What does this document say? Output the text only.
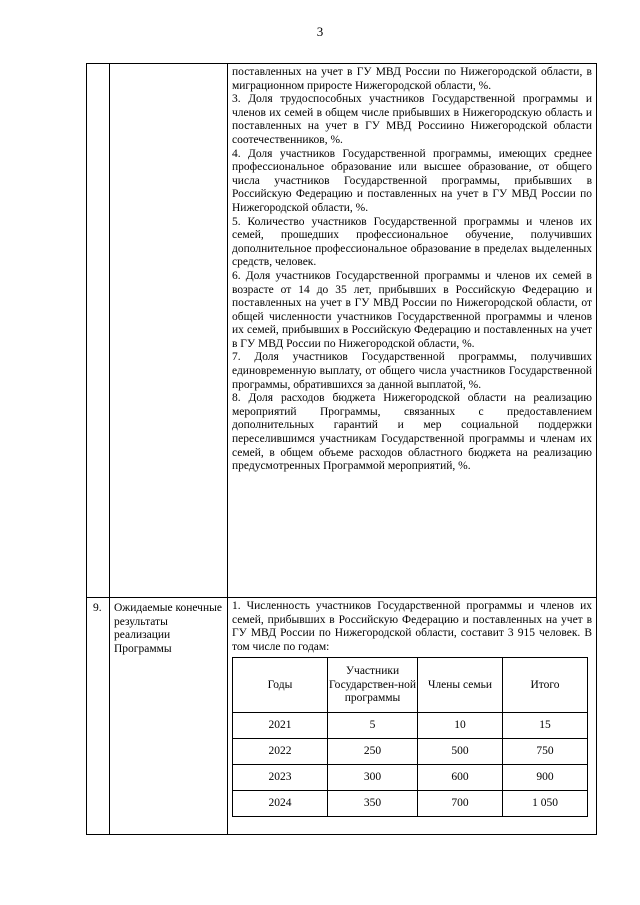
3

поставленных на учет в ГУ МВД России по Нижегородской области, в миграционном приросте Нижегородской области, %.

3. Доля трудоспособных участников Государственной программы и членов их семей в общем числе прибывших в Нижегородскую область и поставленных на учет в ГУ МВД Россиино Нижегородской области соотечественников, %.

4. Доля участников Государственной программы, имеющих среднее профессиональное образование или высшее образование, от общего числа участников Государственной программы, прибывших в Российскую Федерацию и поставленных на учет в ГУ МВД России по Нижегородской области, %.

5. Количество участников Государственной программы и членов их семей, прошедших профессиональное обучение, получивших дополнительное профессиональное образование в пределах выделенных средств, человек.

6. Доля участников Государственной программы и членов их семей в возрасте от 14 до 35 лет, прибывших в Российскую Федерацию и поставленных на учет в ГУ МВД России по Нижегородской области, от общей численности участников Государственной программы и членов их семей, прибывших в Российскую Федерацию и поставленных на учет в ГУ МВД России по Нижегородской области, %.

7. Доля участников Государственной программы, получивших единовременную выплату, от общего числа участников Государственной программы, обратившихся за данной выплатой, %.

8. Доля расходов бюджета Нижегородской области на реализацию мероприятий Программы, связанных с предоставлением дополнительных гарантий и мер социальной поддержки переселившимся участникам Государственной программы и членам их семей, в общем объеме расходов областного бюджета на реализацию предусмотренных Программой мероприятий, %.

9.	Ожидаемые конечные результаты реализации Программы

1. Численность участников Государственной программы и членов их семей, прибывших в Российскую Федерацию и поставленных на учет в ГУ МВД России по Нижегородской области, составит 3 915 человек. В том числе по годам:

Годы	Участники Государствен-ной программы	Члены семьи	Итого
2021	5	10	15
2022	250	500	750
2023	300	600	900
2024	350	700	1 050
